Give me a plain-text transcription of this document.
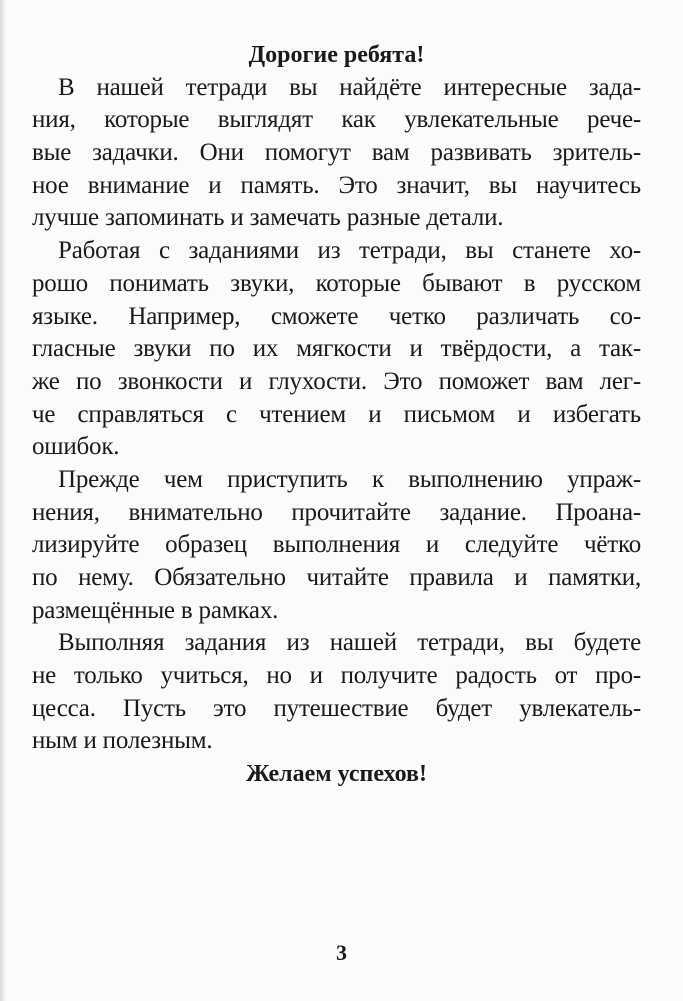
Дорогие ребята!
В нашей тетради вы найдёте интересные зада-
ния, которые выглядят как увлекательные рече-
вые задачки. Они помогут вам развивать зритель-
ное внимание и память. Это значит, вы научитесь
лучше запоминать и замечать разные детали.
Работая с заданиями из тетради, вы станете хо-
рошо понимать звуки, которые бывают в русском
языке. Например, сможете четко различать со-
гласные звуки по их мягкости и твёрдости, а так-
же по звонкости и глухости. Это поможет вам лег-
че справляться с чтением и письмом и избегать
ошибок.
Прежде чем приступить к выполнению упраж-
нения, внимательно прочитайте задание. Проана-
лизируйте образец выполнения и следуйте чётко
по нему. Обязательно читайте правила и памятки,
размещённые в рамках.
Выполняя задания из нашей тетради, вы будете
не только учиться, но и получите радость от про-
цесса. Пусть это путешествие будет увлекатель-
ным и полезным.
Желаем успехов!
3
